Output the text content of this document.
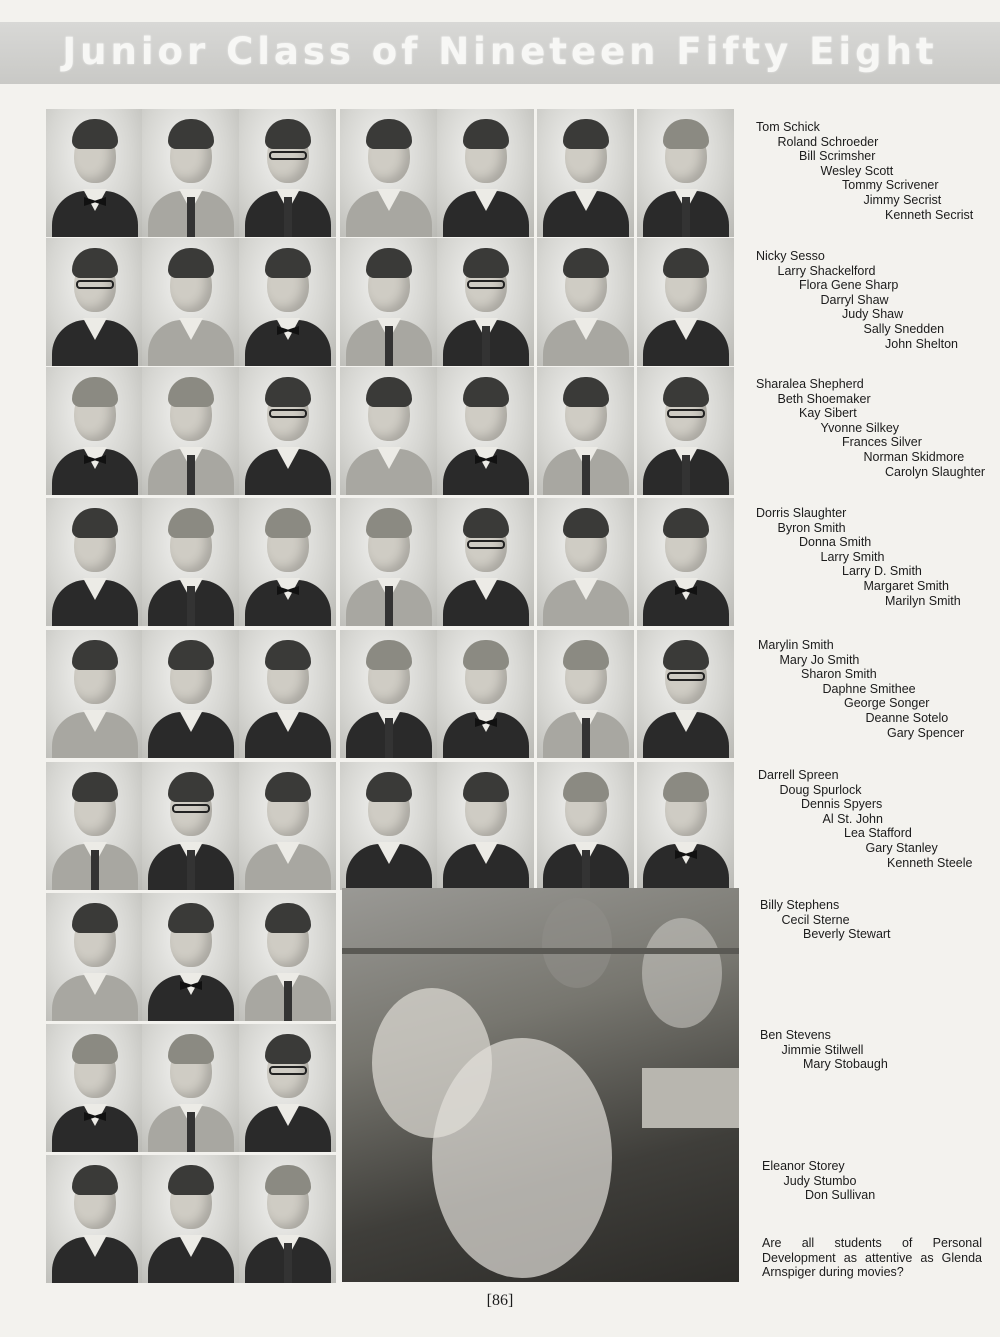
Junior Class of Nineteen Fifty Eight
Tom Schick
Roland Schroeder
Bill Scrimsher
Wesley Scott
Tommy Scrivener
Jimmy Secrist
Kenneth Secrist
Nicky Sesso
Larry Shackelford
Flora Gene Sharp
Darryl Shaw
Judy Shaw
Sally Snedden
John Shelton
Sharalea Shepherd
Beth Shoemaker
Kay Sibert
Yvonne Silkey
Frances Silver
Norman Skidmore
Carolyn Slaughter
Dorris Slaughter
Byron Smith
Donna Smith
Larry Smith
Larry D. Smith
Margaret Smith
Marilyn Smith
Marylin Smith
Mary Jo Smith
Sharon Smith
Daphne Smithee
George Songer
Deanne Sotelo
Gary Spencer
Darrell Spreen
Doug Spurlock
Dennis Spyers
Al St. John
Lea Stafford
Gary Stanley
Kenneth Steele
Billy Stephens
Cecil Sterne
Beverly Stewart
Ben Stevens
Jimmie Stilwell
Mary Stobaugh
Eleanor Storey
Judy Stumbo
Don Sullivan
Are all students of Personal Development as attentive as Glenda Arnspiger during movies?
[86]
